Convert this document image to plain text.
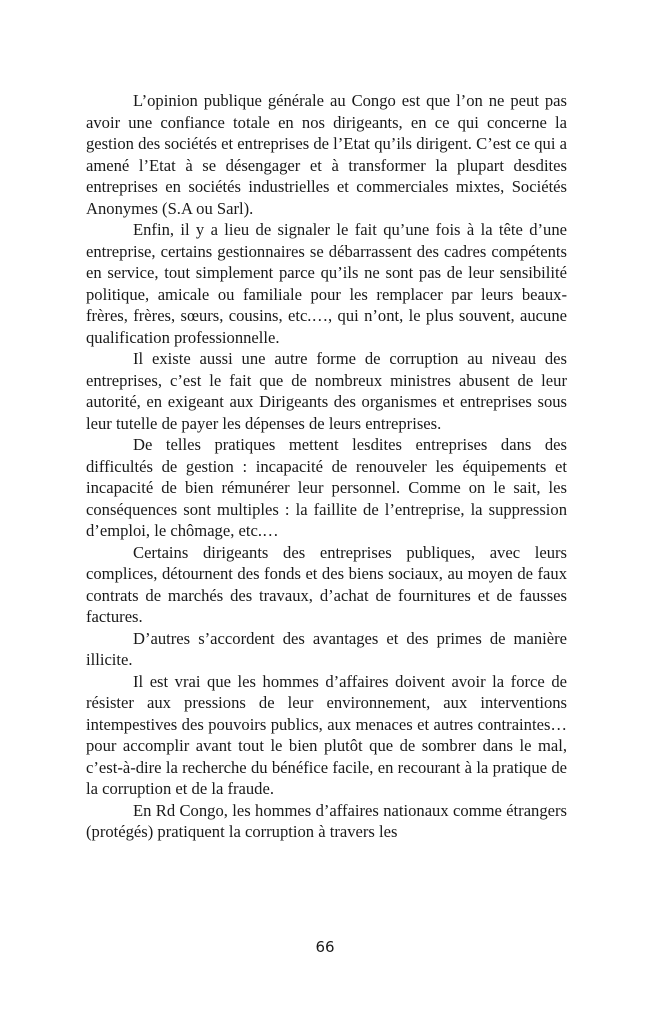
L’opinion publique générale au Congo est que l’on ne peut pas avoir une confiance totale en nos dirigeants, en ce qui concerne la gestion des sociétés et entreprises de l’Etat qu’ils dirigent. C’est ce qui a amené l’Etat à se désengager et à transformer la plupart desdites entreprises en sociétés industrielles et commerciales mixtes, Sociétés Anonymes (S.A ou Sarl).

Enfin, il y a lieu de signaler le fait qu’une fois à la tête d’une entreprise, certains gestionnaires se débarrassent des cadres compétents en service, tout simplement parce qu’ils ne sont pas de leur sensibilité politique, amicale ou familiale pour les remplacer par leurs beaux-frères, frères, sœurs, cousins, etc.…, qui n’ont, le plus souvent, aucune qualification professionnelle.

Il existe aussi une autre forme de corruption au niveau des entreprises, c’est le fait que de nombreux ministres abusent de leur autorité, en exigeant aux Dirigeants des organismes et entreprises sous leur tutelle de payer les dépenses de leurs entreprises.

De telles pratiques mettent lesdites entreprises dans des difficultés de gestion : incapacité de renouveler les équipements et incapacité de bien rémunérer leur personnel. Comme on le sait, les conséquences sont multiples : la faillite de l’entreprise, la suppression d’emploi, le chômage, etc.…

Certains dirigeants des entreprises publiques, avec leurs complices, détournent des fonds et des biens sociaux, au moyen de faux contrats de marchés des travaux, d’achat de fournitures et de fausses factures.

D’autres s’accordent des avantages et des primes de manière illicite.

Il est vrai que les hommes d’affaires doivent avoir la force de résister aux pressions de leur environnement, aux interventions intempestives des pouvoirs publics, aux menaces et autres contraintes… pour accomplir avant tout le bien plutôt que de sombrer dans le mal, c’est-à-dire la recherche du bénéfice facile, en recourant à la pratique de la corruption et de la fraude.

En Rd Congo, les hommes d’affaires nationaux comme étrangers (protégés) pratiquent la corruption à travers les

66
